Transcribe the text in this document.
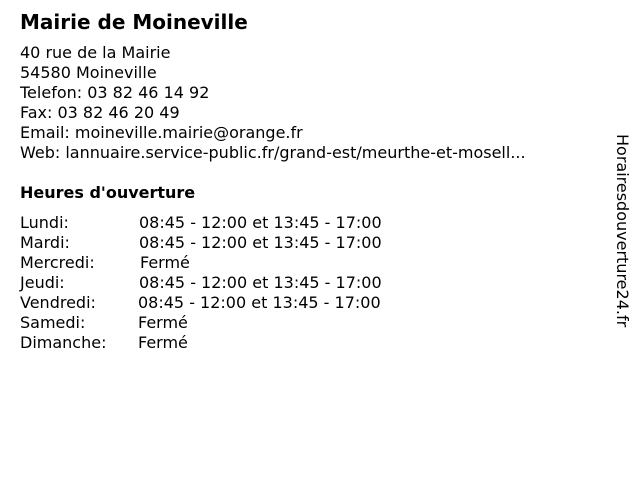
Mairie de Moineville
40 rue de la Mairie
54580 Moineville
Telefon: 03 82 46 14 92
Fax: 03 82 46 20 49
Email: moineville.mairie@orange.fr
Web: lannuaire.service-public.fr/grand-est/meurthe-et-mosell...
Heures d'ouverture
Lundi:	08:45 - 12:00 et 13:45 - 17:00
Mardi:	08:45 - 12:00 et 13:45 - 17:00
Mercredi:	Fermé
Jeudi:	08:45 - 12:00 et 13:45 - 17:00
Vendredi:	08:45 - 12:00 et 13:45 - 17:00
Samedi:	Fermé
Dimanche: Fermé
Horairesdouverture24.fr
